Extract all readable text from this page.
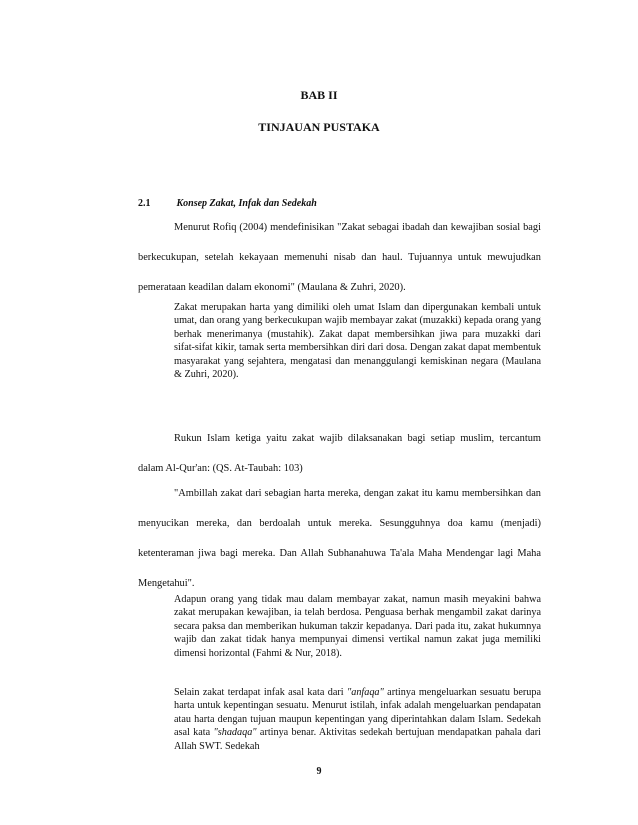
BAB II
TINJAUAN PUSTAKA
2.1	Konsep Zakat, Infak dan Sedekah

Menurut Rofiq (2004) mendefinisikan "Zakat sebagai ibadah dan kewajiban sosial bagi berkecukupan, setelah kekayaan memenuhi nisab dan haul. Tujuannya untuk mewujudkan pemerataan keadilan dalam ekonomi" (Maulana & Zuhri, 2020).

Zakat merupakan harta yang dimiliki oleh umat Islam dan dipergunakan kembali untuk umat, dan orang yang berkecukupan wajib membayar zakat (muzakki) kepada orang yang berhak menerimanya (mustahik). Zakat dapat membersihkan jiwa para muzakki dari sifat-sifat kikir, tamak serta membersihkan diri dari dosa. Dengan zakat dapat membentuk masyarakat yang sejahtera, mengatasi dan menanggulangi kemiskinan negara (Maulana & Zuhri, 2020).

Rukun Islam ketiga yaitu zakat wajib dilaksanakan bagi setiap muslim, tercantum dalam Al-Qur'an: (QS. At-Taubah: 103)

"Ambillah zakat dari sebagian harta mereka, dengan zakat itu kamu membersihkan dan menyucikan mereka, dan berdoalah untuk mereka. Sesungguhnya doa kamu (menjadi) ketenteraman jiwa bagi mereka. Dan Allah Subhanahuwa Ta'ala Maha Mendengar lagi Maha Mengetahui".

Adapun orang yang tidak mau dalam membayar zakat, namun masih meyakini bahwa zakat merupakan kewajiban, ia telah berdosa. Penguasa berhak mengambil zakat darinya secara paksa dan memberikan hukuman takzir kepadanya. Dari pada itu, zakat hukumnya wajib dan zakat tidak hanya mempunyai dimensi vertikal namun zakat juga memiliki dimensi horizontal (Fahmi & Nur, 2018).

Selain zakat terdapat infak asal kata dari "anfaqa" artinya mengeluarkan sesuatu berupa harta untuk kepentingan sesuatu. Menurut istilah, infak adalah mengeluarkan pendapatan atau harta dengan tujuan maupun kepentingan yang diperintahkan dalam Islam. Sedekah asal kata "shadaqa" artinya benar. Aktivitas sedekah bertujuan mendapatkan pahala dari Allah SWT. Sedekah

9
